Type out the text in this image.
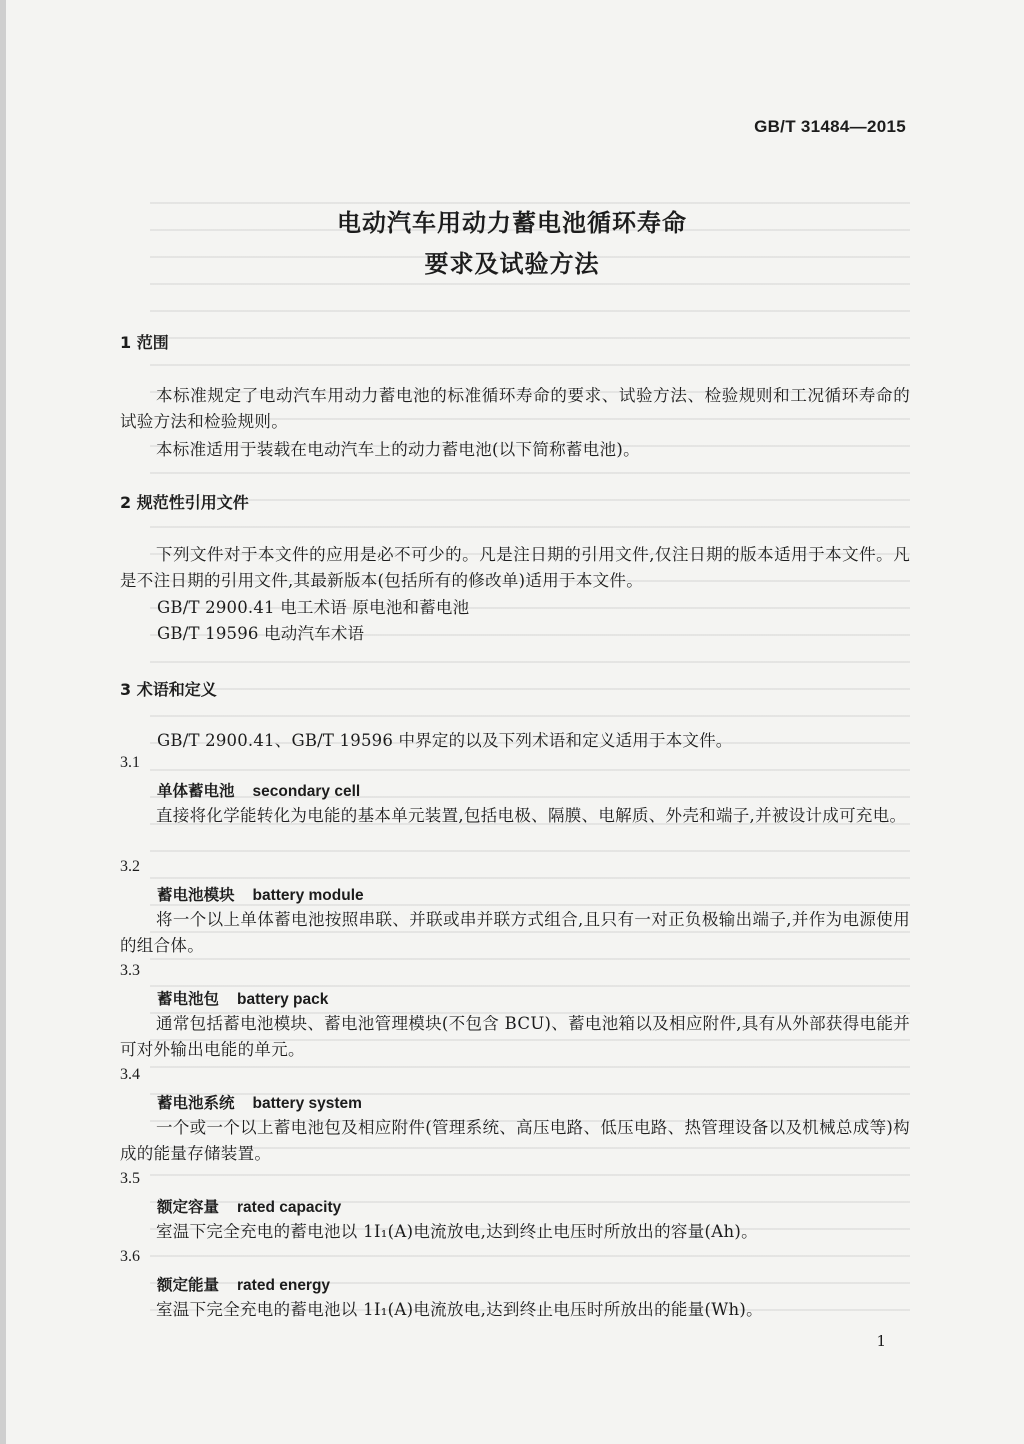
GB/T 31484—2015
电动汽车用动力蓄电池循环寿命
要求及试验方法
1 范围
本标准规定了电动汽车用动力蓄电池的标准循环寿命的要求、试验方法、检验规则和工况循环寿命的试验方法和检验规则。
本标准适用于装载在电动汽车上的动力蓄电池(以下简称蓄电池)。
2 规范性引用文件
下列文件对于本文件的应用是必不可少的。凡是注日期的引用文件,仅注日期的版本适用于本文件。凡是不注日期的引用文件,其最新版本(包括所有的修改单)适用于本文件。
GB/T 2900.41 电工术语 原电池和蓄电池
GB/T 19596 电动汽车术语
3 术语和定义
GB/T 2900.41、GB/T 19596 中界定的以及下列术语和定义适用于本文件。
3.1
单体蓄电池 secondary cell
直接将化学能转化为电能的基本单元装置,包括电极、隔膜、电解质、外壳和端子,并被设计成可充电。
3.2
蓄电池模块 battery module
将一个以上单体蓄电池按照串联、并联或串并联方式组合,且只有一对正负极输出端子,并作为电源使用的组合体。
3.3
蓄电池包 battery pack
通常包括蓄电池模块、蓄电池管理模块(不包含 BCU)、蓄电池箱以及相应附件,具有从外部获得电能并可对外输出电能的单元。
3.4
蓄电池系统 battery system
一个或一个以上蓄电池包及相应附件(管理系统、高压电路、低压电路、热管理设备以及机械总成等)构成的能量存储装置。
3.5
额定容量 rated capacity
室温下完全充电的蓄电池以 1I₁(A)电流放电,达到终止电压时所放出的容量(Ah)。
3.6
额定能量 rated energy
室温下完全充电的蓄电池以 1I₁(A)电流放电,达到终止电压时所放出的能量(Wh)。
1
